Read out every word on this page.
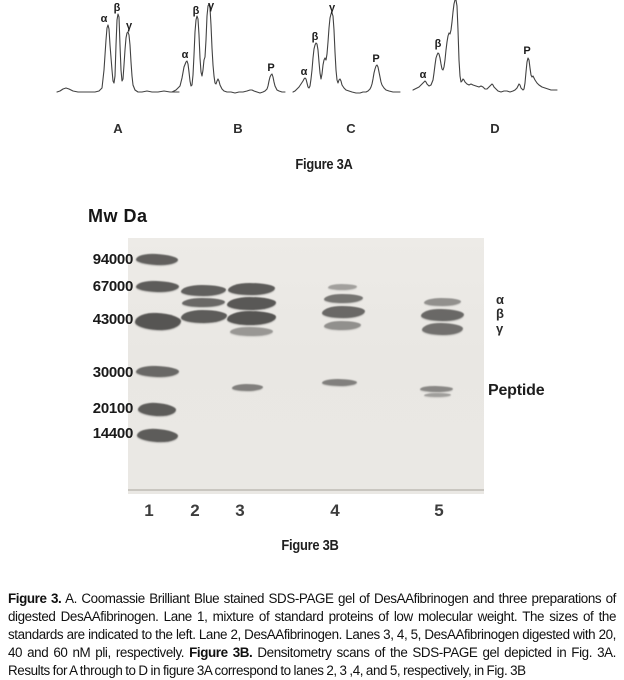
α
β
γ
A
α
β γ
P
B
α
β
γ
P
C
α
β
P
D
Figure 3A
Mw Da
94000
67000
43000
30000
20100
14400
α
β
γ
Peptide
1	2	3	4	5
Figure 3B

Figure 3. A. Coomassie Brilliant Blue stained SDS-PAGE gel of DesAAfibrinogen and three preparations of digested DesAAfibrinogen. Lane 1, mixture of standard proteins of low molecular weight. The sizes of the standards are indicated to the left. Lane 2, DesAAfibrinogen. Lanes 3, 4, 5, DesAAfibrinogen digested with 20, 40 and 60 nM pli, respectively. Figure 3B. Densitometry scans of the SDS-PAGE gel depicted in Fig. 3A. Results for A through to D in figure 3A correspond to lanes 2, 3 ,4, and 5, respectively, in Fig. 3B
